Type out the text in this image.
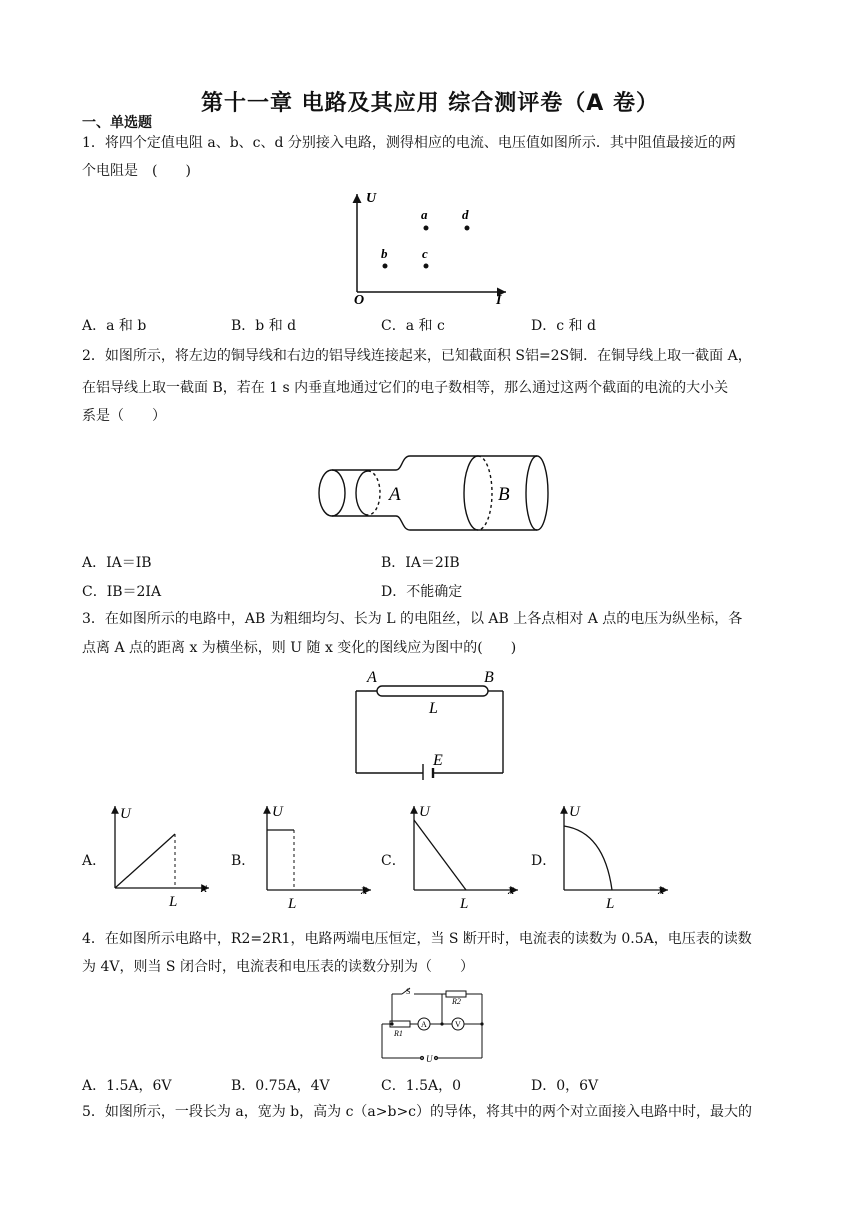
第十一章 电路及其应用 综合测评卷（A 卷）
一、单选题
1．将四个定值电阻 a、b、c、d 分别接入电路，测得相应的电流、电压值如图所示．其中阻值最接近的两
个电阻是　(　　)
U
I
O
a	d
b	c
A．a 和 b	B．b 和 d	C．a 和 c	D．c 和 d
2．如图所示，将左边的铜导线和右边的铝导线连接起来，已知截面积 S铝=2S铜．在铜导线上取一截面 A，
在铝导线上取一截面 B，若在 1 s 内垂直地通过它们的电子数相等，那么通过这两个截面的电流的大小关
系是（　　）
A	B
A．IA＝IB	B．IA＝2IB
C．IB＝2IA	D．不能确定
3．在如图所示的电路中，AB 为粗细均匀、长为 L 的电阻丝，以 AB 上各点相对 A 点的电压为纵坐标，各
点离 A 点的距离 x 为横坐标，则 U 随 x 变化的图线应为图中的(　　)
A	B
L
E
A．
U
x
L
B．
U
x
L
C．
U
x
L
D．
U
x
L
4．在如图所示电路中，R2=2R1，电路两端电压恒定，当 S 断开时，电流表的读数为 0.5A，电压表的读数
为 4V，则当 S 闭合时，电流表和电压表的读数分别为（　　）
S
R2
R1
A	V
U
A．1.5A，6V	B．0.75A，4V	C．1.5A，0	D．0，6V
5．如图所示，一段长为 a，宽为 b，高为 c（a>b>c）的导体，将其中的两个对立面接入电路中时，最大的
